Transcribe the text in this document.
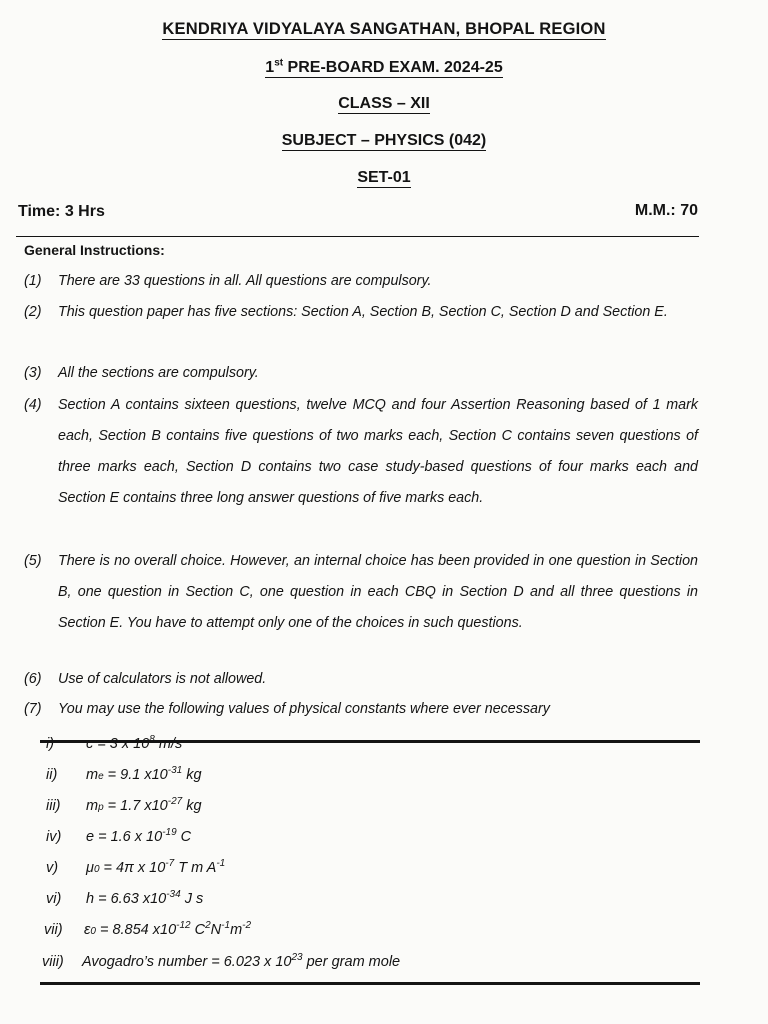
KENDRIYA VIDYALAYA SANGATHAN, BHOPAL REGION
1st PRE-BOARD EXAM. 2024-25
CLASS – XII
SUBJECT – PHYSICS (042)
SET-01
Time: 3 Hrs	M.M.: 70
General Instructions:
(1) There are 33 questions in all. All questions are compulsory.
(2) This question paper has five sections: Section A, Section B, Section C, Section D and Section E.
(3) All the sections are compulsory.
(4) Section A contains sixteen questions, twelve MCQ and four Assertion Reasoning based of 1 mark each, Section B contains five questions of two marks each, Section C contains seven questions of three marks each, Section D contains two case study-based questions of four marks each and Section E contains three long answer questions of five marks each.
(5) There is no overall choice. However, an internal choice has been provided in one question in Section B, one question in Section C, one question in each CBQ in Section D and all three questions in Section E. You have to attempt only one of the choices in such questions.
(6) Use of calculators is not allowed.
(7) You may use the following values of physical constants where ever necessary
i) c = 3 x $10^8$ m/s
ii) me = 9.1 $x10^{-31}$ kg
iii) mp = 1.7 $x10^{-27}$ kg
iv) e = 1.6 x $10^{-19}$ C
v) μ0 = 4π x $10^{-7}$ T m $A^{-1}$
vi) h = 6.63 $x10^{-34}$ J s
vii) ε0 = 8.854 $x10^{-12}$ $C^2N^{-1}m^{-2}$
viii) Avogadro’s number = 6.023 x $10^{23}$ per gram mole
